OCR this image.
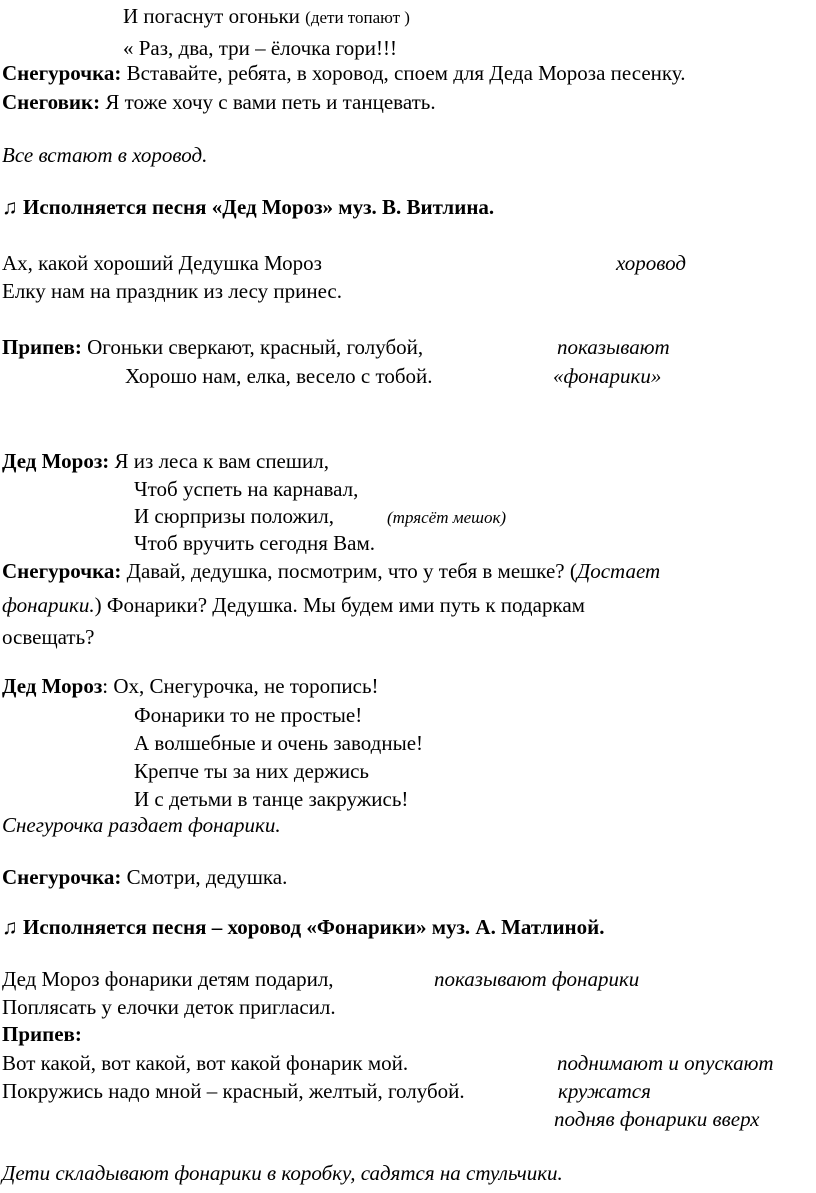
И погаснут огоньки (дети топают )
« Раз, два, три – ёлочка гори!!!
Снегурочка: Вставайте, ребята, в хоровод, споем для Деда Мороза песенку.
Снеговик: Я тоже хочу с вами петь и танцевать.
Все встают в хоровод.
♫ Исполняется песня «Дед Мороз» муз. В. Витлина.
Ах, какой хороший Дедушка Мороз	хоровод
Елку нам на праздник из лесу принес.
Припев: Огоньки сверкают, красный, голубой,	показывают
Хорошо нам, елка, весело с тобой.	«фонарики»
Дед Мороз: Я из леса к вам спешил,
Чтоб успеть на карнавал,
И сюрпризы положил,	(трясёт мешок)
Чтоб вручить сегодня Вам.
Снегурочка: Давай, дедушка, посмотрим, что у тебя в мешке? (Достает
фонарики.) Фонарики? Дедушка. Мы будем ими путь к подаркам
освещать?
Дед Мороз: Ох, Снегурочка, не торопись!
Фонарики то не простые!
А волшебные и очень заводные!
Крепче ты за них держись
И с детьми в танце закружись!
Снегурочка раздает фонарики.
Снегурочка: Смотри, дедушка.
♫ Исполняется песня – хоровод «Фонарики» муз. А. Матлиной.
Дед Мороз фонарики детям подарил,	показывают фонарики
Поплясать у елочки деток пригласил.
Припев:
Вот какой, вот какой, вот какой фонарик мой.	поднимают и опускают
Покружись надо мной – красный, желтый, голубой.	кружатся
подняв фонарики вверх
Дети складывают фонарики в коробку, садятся на стульчики.
